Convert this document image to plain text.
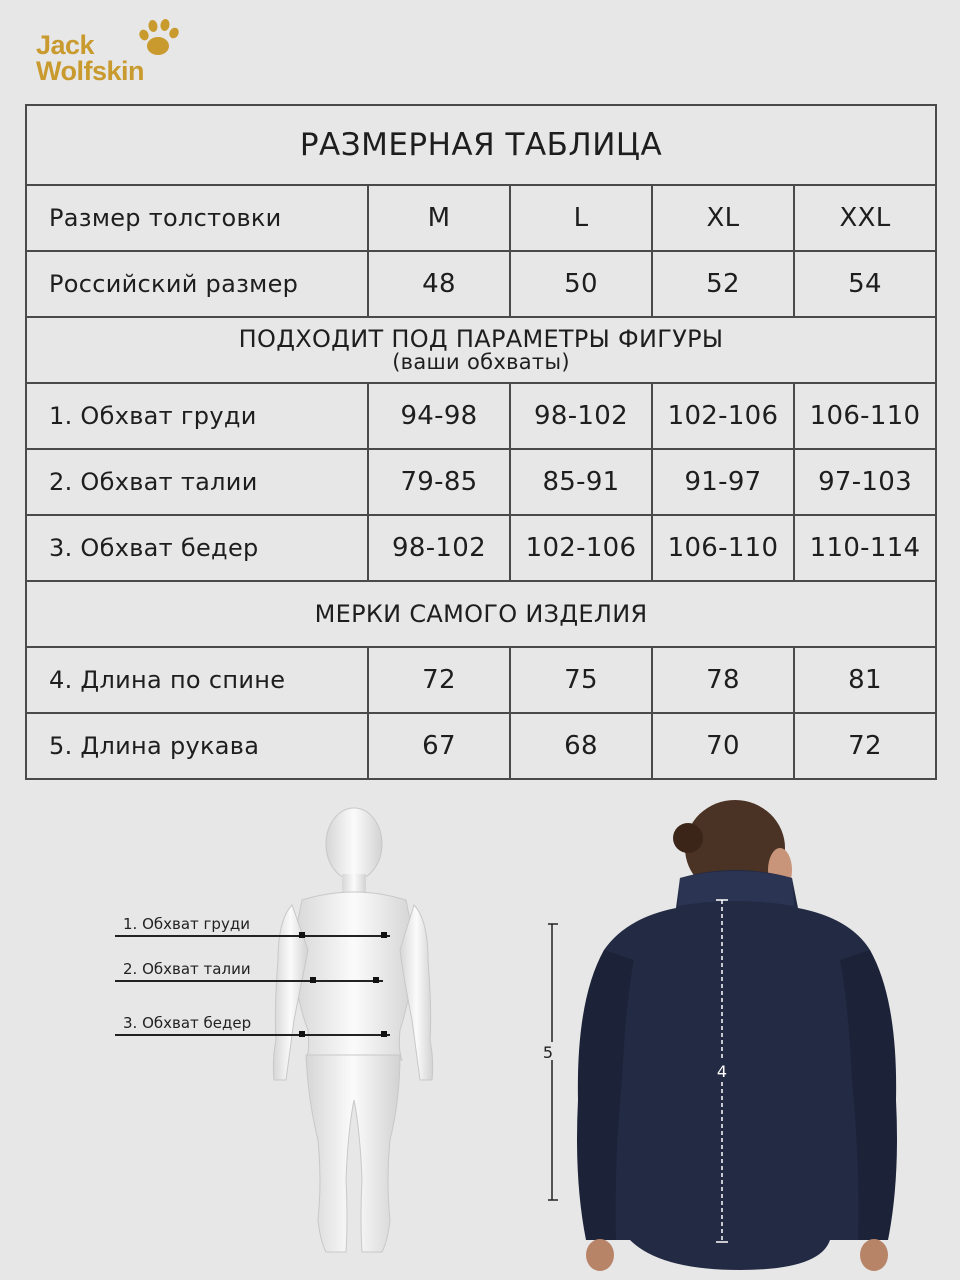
Jack
Wolfskin
РАЗМЕРНАЯ ТАБЛИЦА				
Размер толстовки	M	L	XL	XXL
Российский размер	48	50	52	54
ПОДХОДИТ ПОД ПАРАМЕТРЫ ФИГУРЫ
(ваши обхваты)				

1. Обхват груди	94-98	98-102	102-106	106-110
2. Обхват талии	79-85	85-91	91-97	97-103
3. Обхват бедер	98-102	102-106	106-110	110-114
МЕРКИ САМОГО ИЗДЕЛИЯ				
4. Длина по спине	72	75	78	81
5. Длина рукава	67	68	70	72
1. Обхват груди
2. Обхват талии
3. Обхват бедер
5
4
